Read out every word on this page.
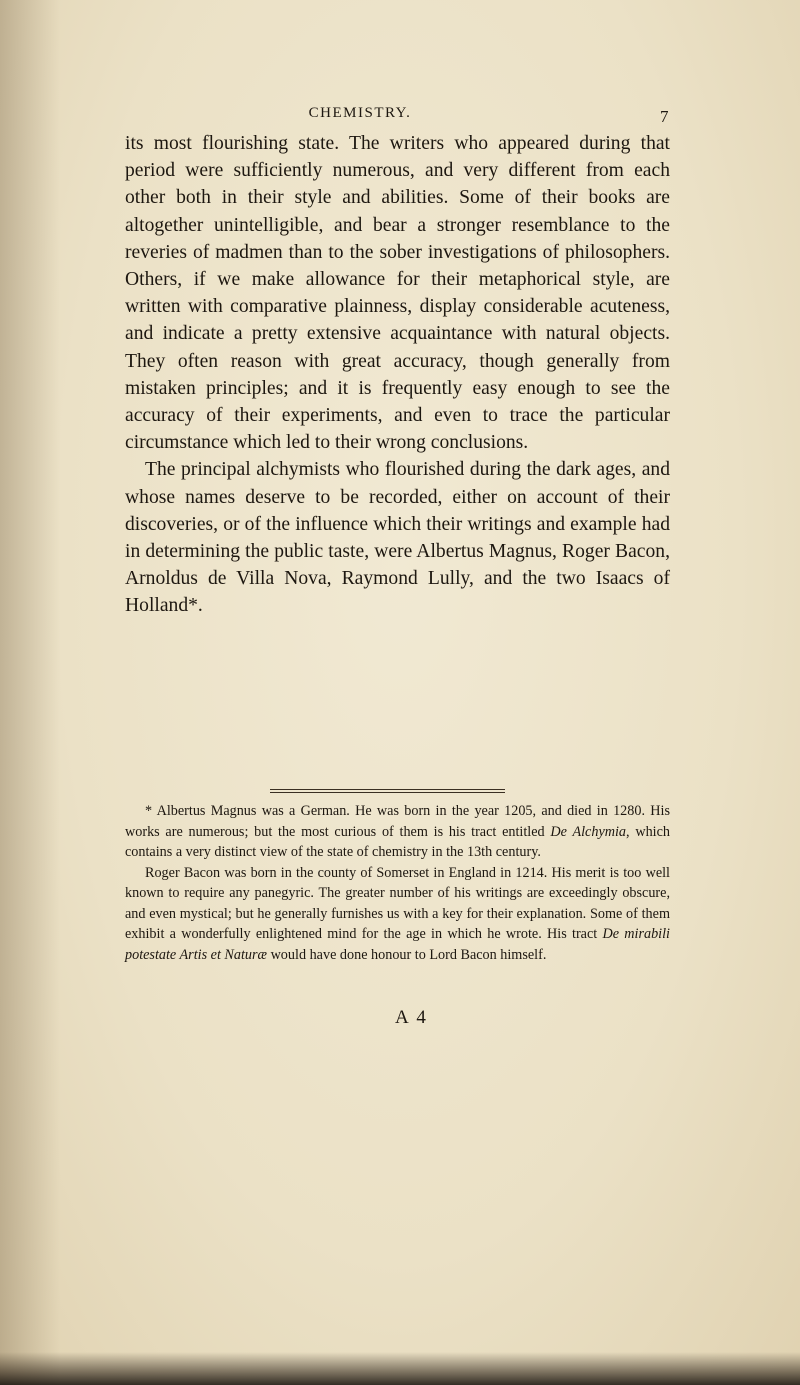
CHEMISTRY.	7

its most flourishing state. The writers who appeared during that period were sufficiently numerous, and very different from each other both in their style and abilities. Some of their books are altogether unintelligible, and bear a stronger resemblance to the reveries of madmen than to the sober investigations of philosophers. Others, if we make allowance for their metaphorical style, are written with comparative plainness, display considerable acuteness, and indicate a pretty extensive acquaintance with natural objects. They often reason with great accuracy, though generally from mistaken principles; and it is frequently easy enough to see the accuracy of their experiments, and even to trace the particular circumstance which led to their wrong conclusions.

The principal alchymists who flourished during the dark ages, and whose names deserve to be recorded, either on account of their discoveries, or of the influence which their writings and example had in determining the public taste, were Albertus Magnus, Roger Bacon, Arnoldus de Villa Nova, Raymond Lully, and the two Isaacs of Holland*.

* Albertus Magnus was a German. He was born in the year 1205, and died in 1280. His works are numerous; but the most curious of them is his tract entitled De Alchymia, which contains a very distinct view of the state of chemistry in the 13th century.

Roger Bacon was born in the county of Somerset in England in 1214. His merit is too well known to require any panegyric. The greater number of his writings are exceedingly obscure, and even mystical; but he generally furnishes us with a key for their explanation. Some of them exhibit a wonderfully enlightened mind for the age in which he wrote. His tract De mirabili potestate Artis et Naturæ would have done honour to Lord Bacon himself.

A 4
